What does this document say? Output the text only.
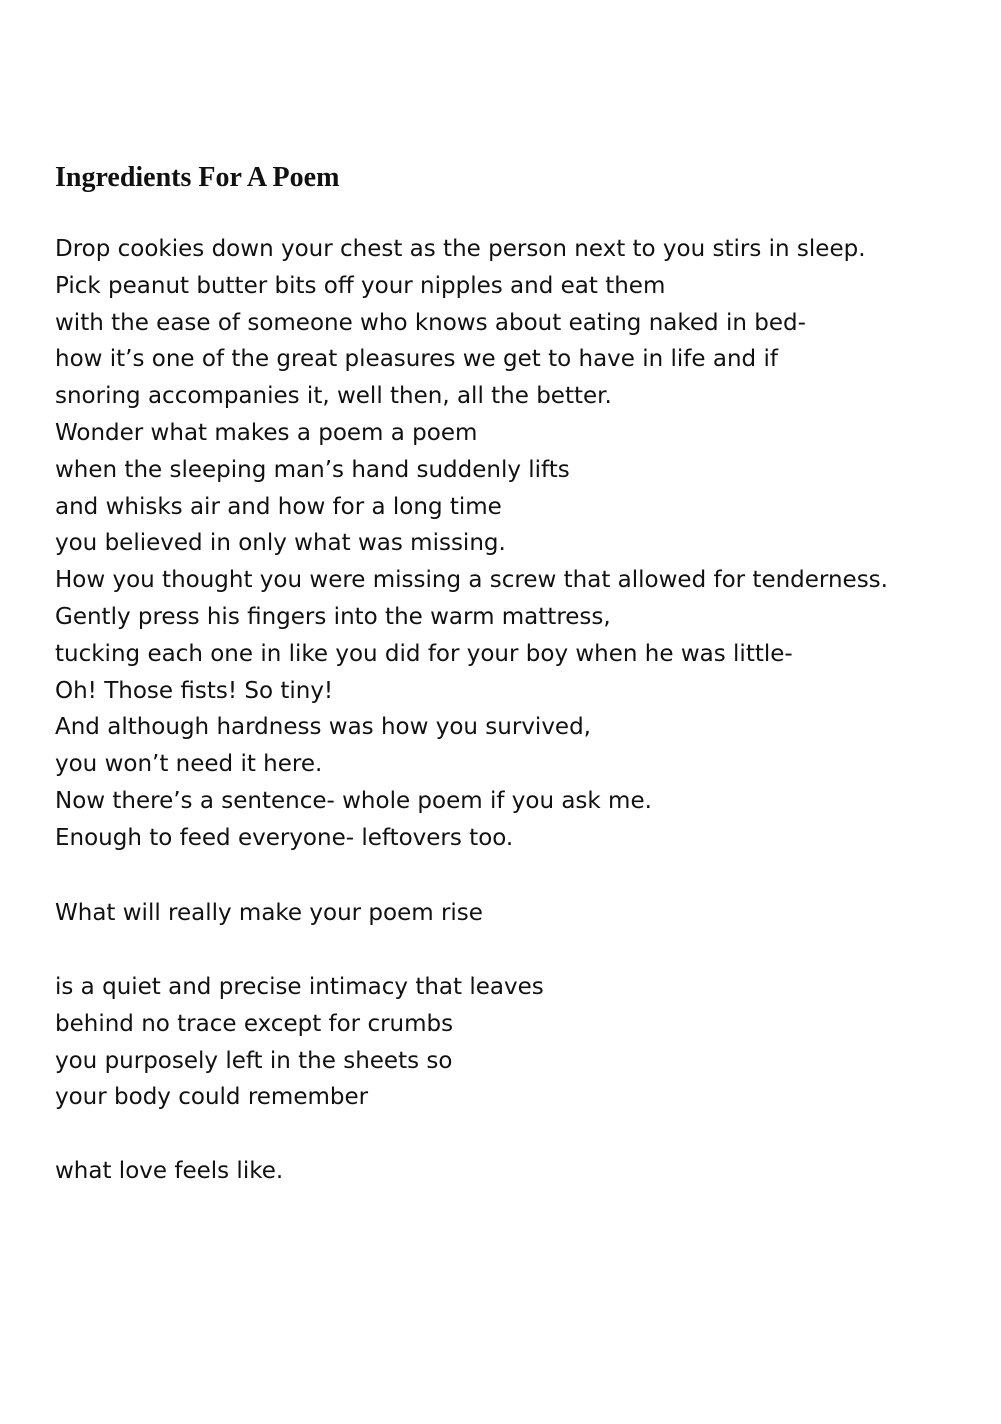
Ingredients For A Poem

Drop cookies down your chest as the person next to you stirs in sleep.
Pick peanut butter bits off your nipples and eat them
with the ease of someone who knows about eating naked in bed-
how it’s one of the great pleasures we get to have in life and if
snoring accompanies it, well then, all the better.
Wonder what makes a poem a poem
when the sleeping man’s hand suddenly lifts
and whisks air and how for a long time
you believed in only what was missing.
How you thought you were missing a screw that allowed for tenderness.
Gently press his fingers into the warm mattress,
tucking each one in like you did for your boy when he was little-
Oh! Those fists! So tiny!
And although hardness was how you survived,
you won’t need it here.
Now there’s a sentence- whole poem if you ask me.
Enough to feed everyone- leftovers too.

What will really make your poem rise

is a quiet and precise intimacy that leaves
behind no trace except for crumbs
you purposely left in the sheets so
your body could remember

what love feels like.
